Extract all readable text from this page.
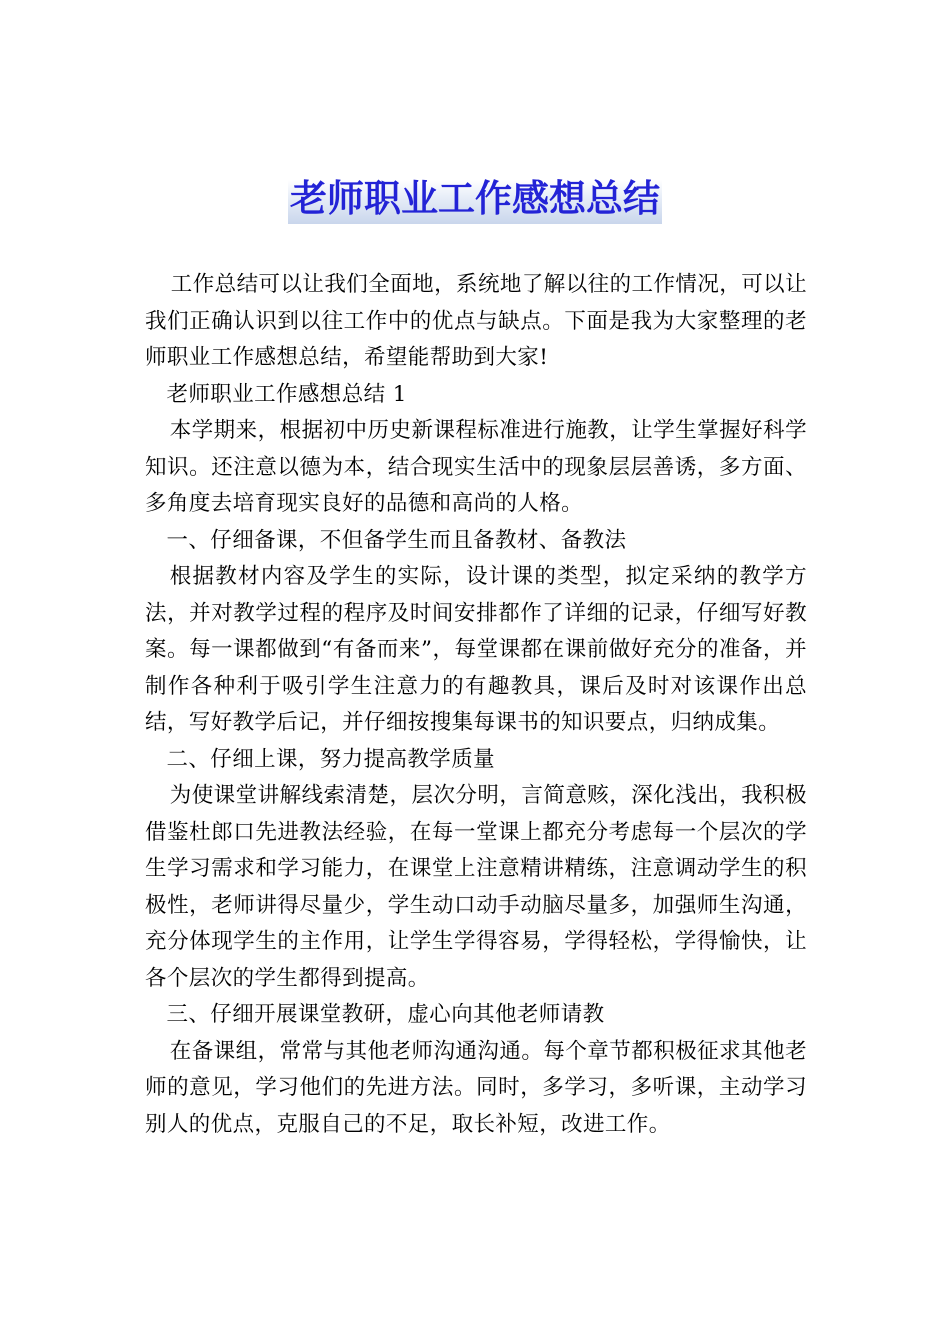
老师职业工作感想总结

工作总结可以让我们全面地，系统地了解以往的工作情况，可以让我们正确认识到以往工作中的优点与缺点。下面是我为大家整理的老师职业工作感想总结，希望能帮助到大家!

老师职业工作感想总结 1

本学期来，根据初中历史新课程标准进行施教，让学生掌握好科学知识。还注意以德为本，结合现实生活中的现象层层善诱，多方面、多角度去培育现实良好的品德和高尚的人格。

一、仔细备课，不但备学生而且备教材、备教法

根据教材内容及学生的实际，设计课的类型，拟定采纳的教学方法，并对教学过程的程序及时间安排都作了详细的记录，仔细写好教案。每一课都做到“有备而来”，每堂课都在课前做好充分的准备，并制作各种利于吸引学生注意力的有趣教具，课后及时对该课作出总结，写好教学后记，并仔细按搜集每课书的知识要点，归纳成集。

二、仔细上课，努力提高教学质量

为使课堂讲解线索清楚，层次分明，言简意赅，深化浅出，我积极借鉴杜郎口先进教法经验，在每一堂课上都充分考虑每一个层次的学生学习需求和学习能力，在课堂上注意精讲精练，注意调动学生的积极性，老师讲得尽量少，学生动口动手动脑尽量多，加强师生沟通，充分体现学生的主作用，让学生学得容易，学得轻松，学得愉快，让各个层次的学生都得到提高。

三、仔细开展课堂教研，虚心向其他老师请教

在备课组，常常与其他老师沟通沟通。每个章节都积极征求其他老师的意见，学习他们的先进方法。同时，多学习，多听课，主动学习别人的优点，克服自己的不足，取长补短，改进工作。
